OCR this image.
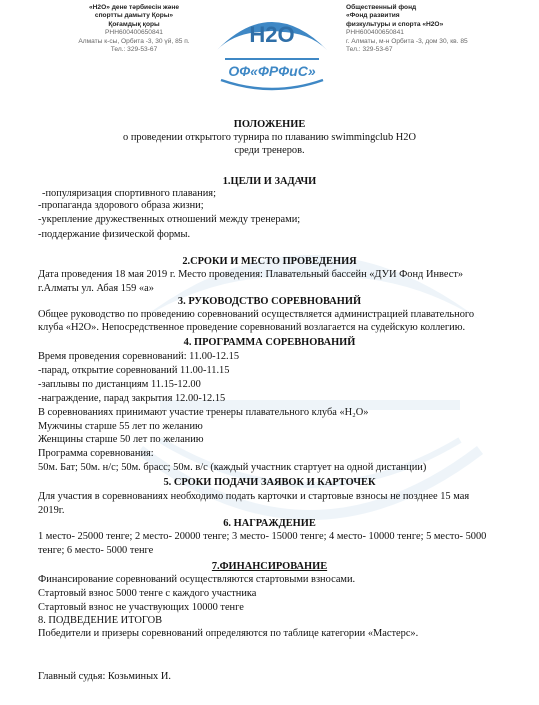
«H2O» дене тәрбиесін және
спортты дамыту Қоры»
Қоғамдық қоры
РНН600400650841
Алматы к-сы, Орбита -3, 30 үй, 85 п.
Тел.: 329-53-67
H2O
ОФ«ФРФиС»
Общественный фонд
«Фонд развития
физкультуры и спорта «H2O»
РНН600400650841
г. Алматы, м-н Орбита -3, дом 30, кв. 85
Тел.: 329-53-67
ПОЛОЖЕНИЕ
о проведении открытого турнира по плаванию swimmingclub H2O
среди тренеров.
1.ЦЕЛИ И ЗАДАЧИ
-популяризация спортивного плавания;
-пропаганда здорового образа жизни;
-укрепление дружественных отношений между тренерами;
-поддержание физической формы.
2.СРОКИ И МЕСТО ПРОВЕДЕНИЯ
Дата проведения 18 мая 2019 г. Место проведения: Плавательный бассейн «ДУИ Фонд Инвест»
г.Алматы ул. Абая 159 «а»
3. РУКОВОДСТВО СОРЕВНОВАНИЙ
Общее руководство по проведению соревнований осуществляется администрацией плавательного
клуба «H2O». Непосредственное проведение соревнований возлагается на судейскую коллегию.
4. ПРОГРАММА СОРЕВНОВАНИЙ
Время проведения соревнований: 11.00-12.15
-парад, открытие соревнований 11.00-11.15
-заплывы по дистанциям 11.15-12.00
-награждение, парад закрытия 12.00-12.15
В соревнованиях принимают участие тренеры плавательного клуба «H₂O»
Мужчины старше 55 лет по желанию
Женщины старше 50 лет по желанию
Программа соревнования:
50м. Бат; 50м. н/с; 50м. брасс; 50м. в/с (каждый участник стартует на одной дистанции)
5. СРОКИ ПОДАЧИ ЗАЯВОК И КАРТОЧЕК
Для участия в соревнованиях необходимо подать карточки и стартовые взносы не позднее 15 мая
2019г.
6. НАГРАЖДЕНИЕ
1 место- 25000 тенге; 2 место- 20000 тенге; 3 место- 15000 тенге; 4 место- 10000 тенге; 5 место- 5000
тенге; 6 место- 5000 тенге
7.ФИНАНСИРОВАНИЕ
Финансирование соревнований осуществляются стартовыми взносами.
Стартовый взнос 5000 тенге с каждого участника
Стартовый взнос не участвующих 10000 тенге
8. ПОДВЕДЕНИЕ ИТОГОВ
Победители и призеры соревнований определяются по таблице категории «Мастерс».
Главный судья: Козьминых И.
